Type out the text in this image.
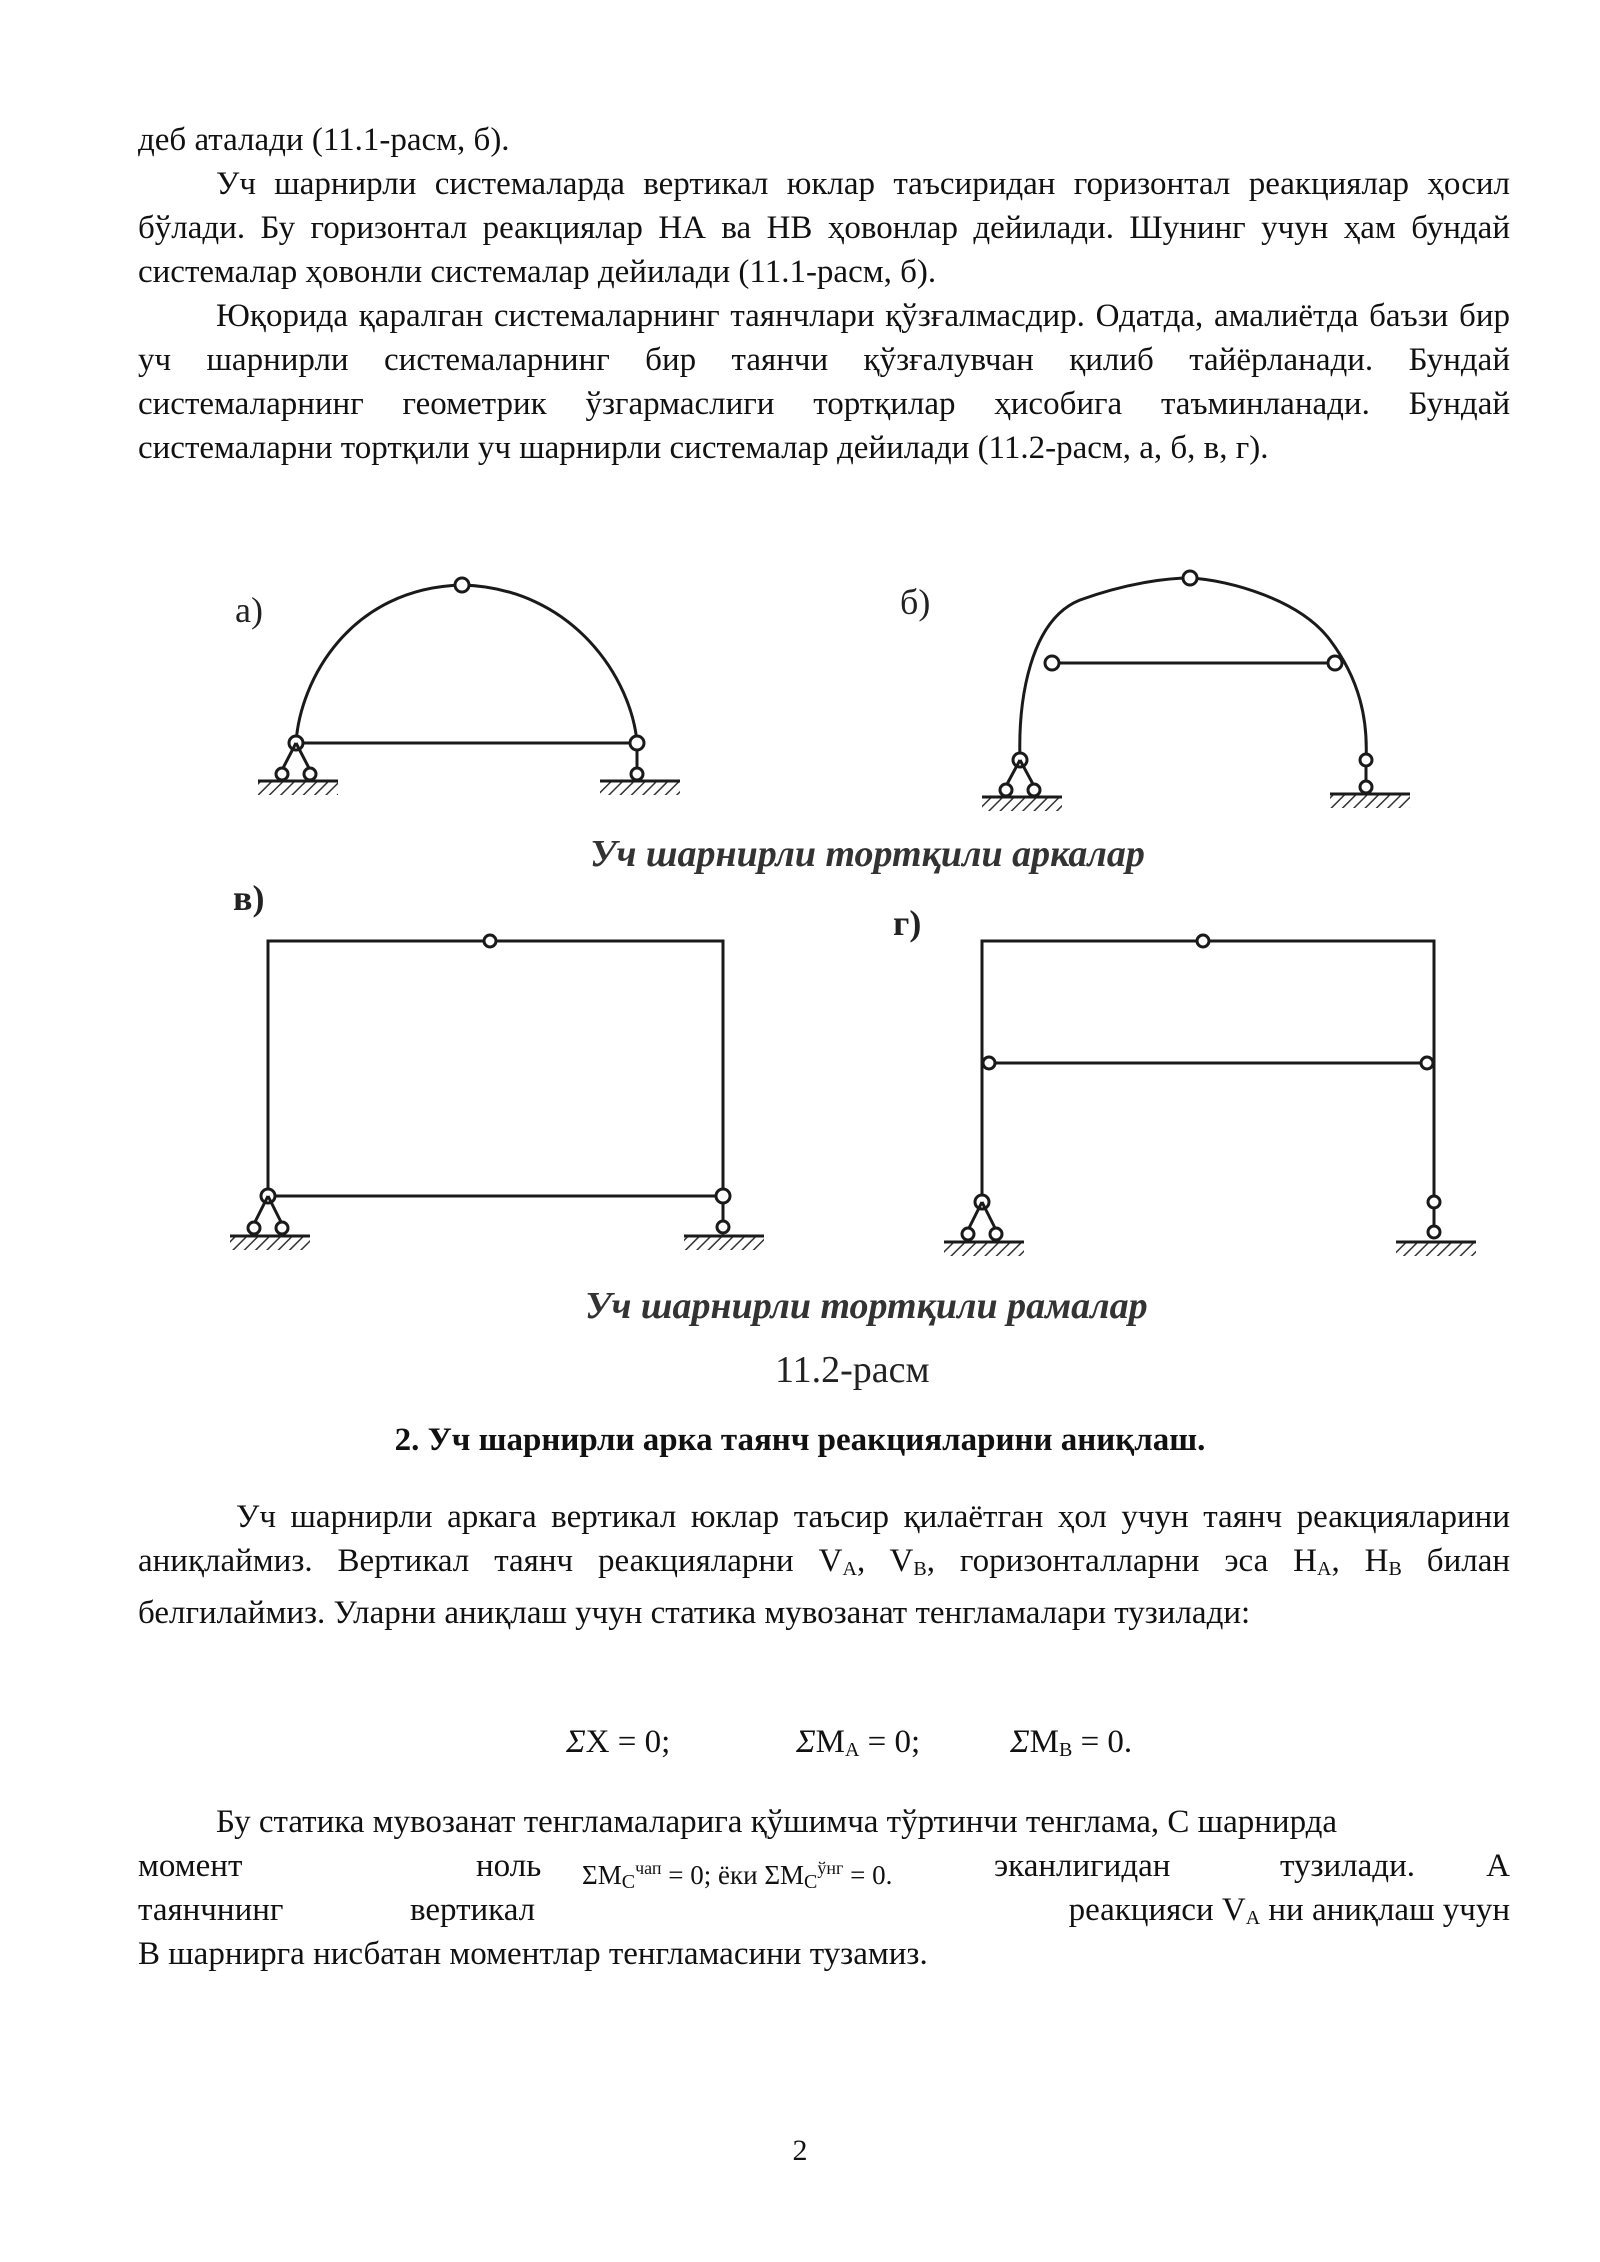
деб аталади (11.1-расм, б).

Уч шарнирли системаларда вертикал юклар таъсиридан горизонтал реакциялар ҳосил бўлади. Бу горизонтал реакциялар НА ва НВ ҳовонлар дейилади. Шунинг учун ҳам бундай системалар ҳовонли системалар дейилади (11.1-расм, б).

Юқорида қаралган системаларнинг таянчлари қўзғалмасдир. Одатда, амалиётда баъзи бир уч шарнирли системаларнинг бир таянчи қўзғалувчан қилиб тайёрланади. Бундай системаларнинг геометрик ўзгармаслиги тортқилар ҳисобига таъминланади. Бундай системаларни тортқили уч шарнирли системалар дейилади (11.2-расм, а, б, в, г).

а)	б)
в)
г)
Уч шарнирли тортқили аркалар
Уч шарнирли тортқили рамалар
11.2-расм
2. Уч шарнирли арка таянч реакцияларини аниқлаш.

Уч шарнирли аркага вертикал юклар таъсир қилаётган ҳол учун таянч реакцияларини аниқлаймиз. Вертикал таянч реакцияларни $V_A$, $V_B$, горизонталларни эса $H_A$, $H_B$ билан белгилаймиз. Уларни аниқлаш учун статика мувозанат тенгламалари тузилади:

ΣX = 0;	$\Sigma M_A = 0$;	$\Sigma M_B = 0$.

Бу статика мувозанат тенгламаларига қўшимча тўртинчи тенглама, С шарнирда

момент	ноль $\Sigma M_C^{чап} = 0$; ёки $\Sigma M_C^{ўнг} = 0$.	эканлигидан	тузилади. А
таянчнинг	вертикал	реакцияси $V_A$ ни аниқлаш учун

В шарнирга нисбатан моментлар тенгламасини тузамиз.

2
